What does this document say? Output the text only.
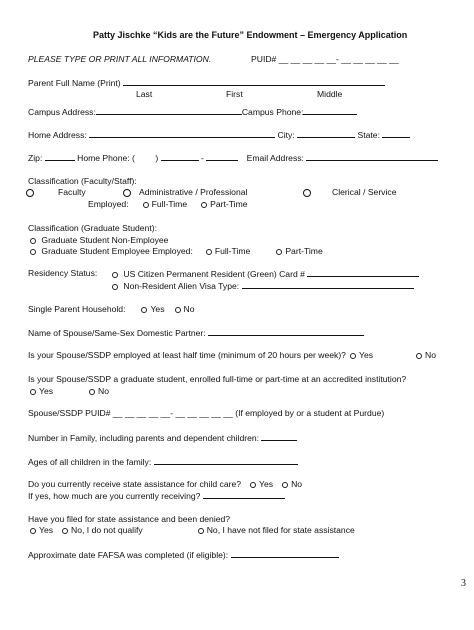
Patty Jischke “Kids are the Future” Endowment – Emergency Application
PLEASE TYPE OR PRINT ALL INFORMATION.	PUID# __ __ __ __ __- __ __ __ __ __
Parent Full Name (Print)
Last	First	Middle
Campus Address:	Campus Phone:
Home Address:	City:	State:
Zip:	Home Phone: ( )	-	Email Address:
Classification (Faculty/Staff):
Faculty	Administrative / Professional	Clerical / Service
Employed:	Full-Time	Part-Time
Classification (Graduate Student):
Graduate Student Non-Employee
Graduate Student Employee Employed:	Full-Time	Part-Time
Residency Status:	US Citizen Permanent Resident (Green) Card #
Non-Resident Alien Visa Type:
Single Parent Household:	Yes No
Name of Spouse/Same-Sex Domestic Partner:
Is your Spouse/SSDP employed at least half time (minimum of 20 hours per week)?	Yes	No
Is your Spouse/SSDP a graduate student, enrolled full-time or part-time at an accredited institution?
Yes	No
Spouse/SSDP PUID# __ __ __ __ __- __ __ __ __ __ (If employed by or a student at Purdue)
Number in Family, including parents and dependent children:
Ages of all children in the family:
Do you currently receive state assistance for child care? Yes No
If yes, how much are you currently receiving?
Have you filed for state assistance and been denied?
Yes No, I do not qualify	No, I have not filed for state assistance
Approximate date FAFSA was completed (if eligible):
3
